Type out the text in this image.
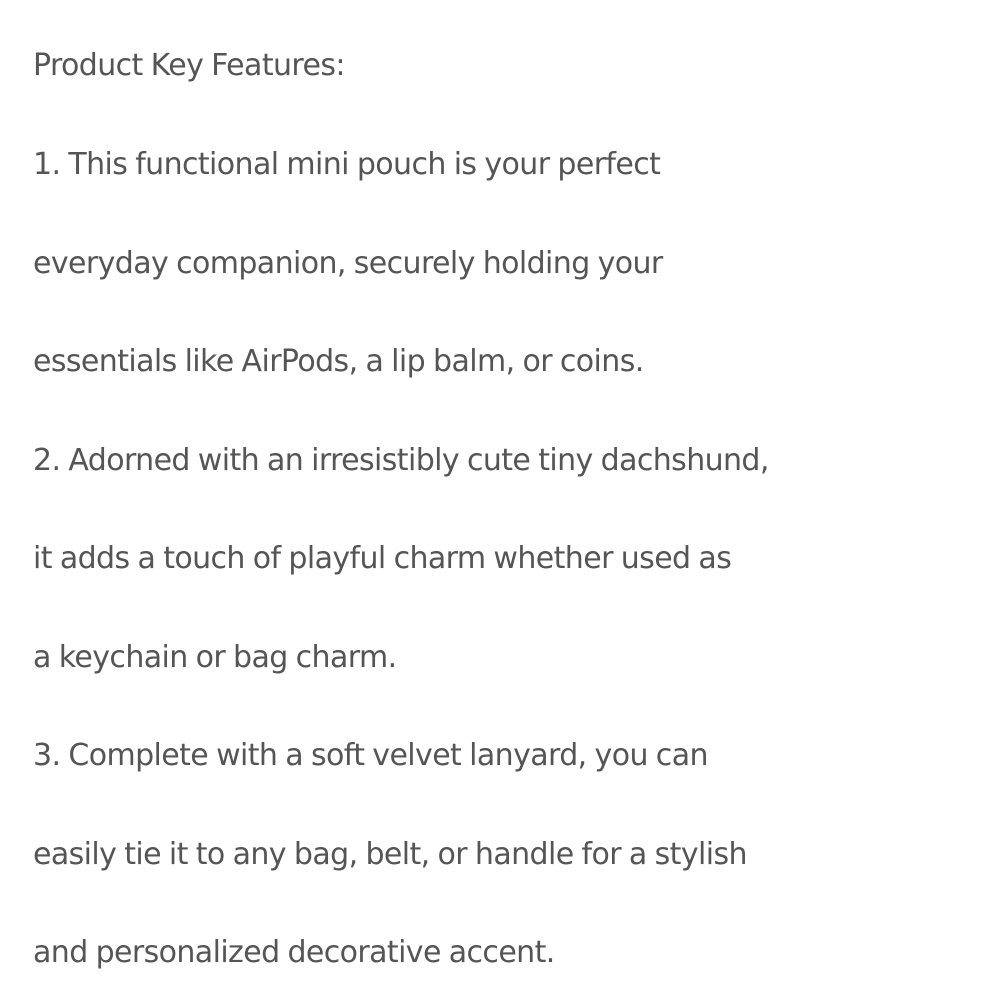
Product Key Features:

1. This functional mini pouch is your perfect

everyday companion, securely holding your

essentials like AirPods, a lip balm, or coins.

2. Adorned with an irresistibly cute tiny dachshund,

it adds a touch of playful charm whether used as

a keychain or bag charm.

3. Complete with a soft velvet lanyard, you can

easily tie it to any bag, belt, or handle for a stylish

and personalized decorative accent.
